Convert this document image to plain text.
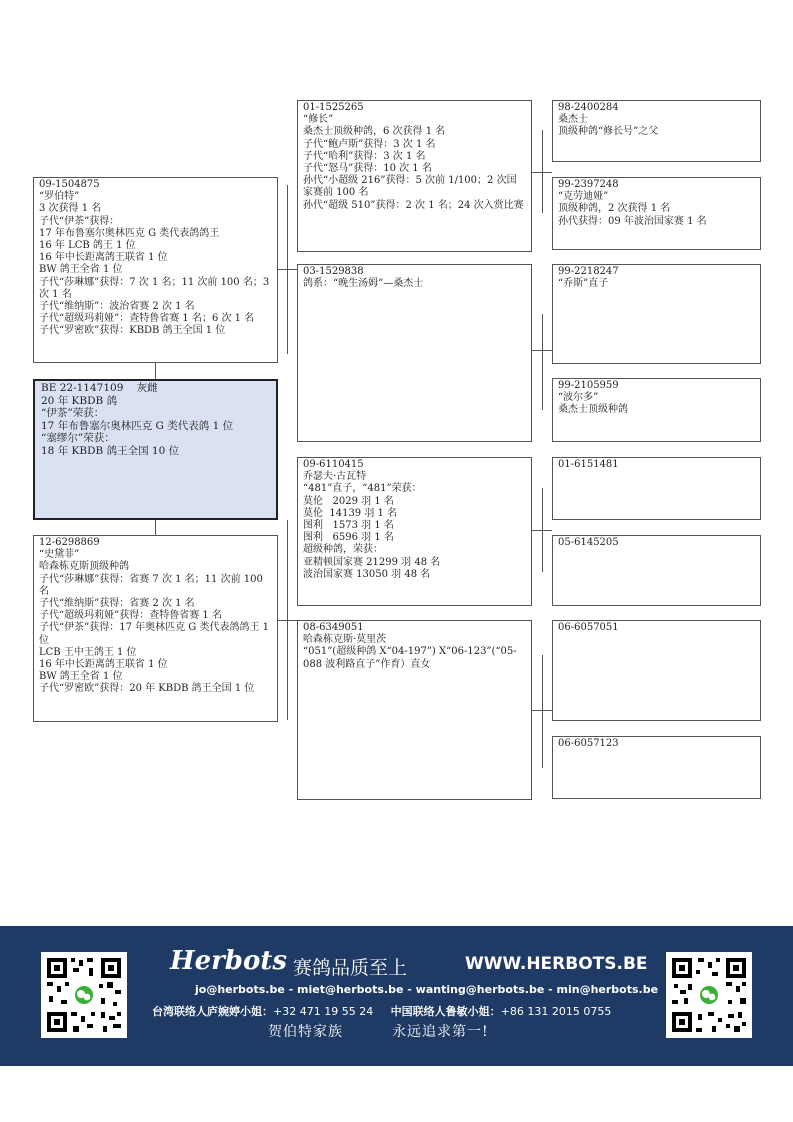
09-1504875
“罗伯特”
3 次获得 1 名
子代“伊茶”获得：
17 年布鲁塞尔奥林匹克 G 类代表鸽鸽王
16 年 LCB 鸽王 1 位
16 年中长距离鸽王联省 1 位
BW 鸽王全省 1 位
子代“莎琳娜”获得：7 次 1 名；11 次前 100 名；3 次 1 名
子代“维纳斯”：波治省赛 2 次 1 名
子代“超级玛莉娅”：查特鲁省赛 1 名；6 次 1 名
子代“罗密欧”获得：KBDB 鸽王全国 1 位
BE 22-1147109    灰雌
20 年 KBDB 鸽
“伊茶”荣获：
17 年布鲁塞尔奥林匹克 G 类代表鸽 1 位
“塞缪尔”荣获：
18 年 KBDB 鸽王全国 10 位
12-6298869
“史黛菲”
哈森栋克斯顶级种鸽
子代“莎琳娜”获得：省赛 7 次 1 名；11 次前 100 名
子代“维纳斯”获得：省赛 2 次 1 名
子代“超级玛莉娅”获得：查特鲁省赛 1 名
子代“伊茶”获得：17 年奥林匹克 G 类代表鸽鸽王 1 位
LCB 王中王鸽王 1 位
16 年中长距离鸽王联省 1 位
BW 鸽王全省 1 位
子代“罗密欧”获得：20 年 KBDB 鸽王全国 1 位
01-1525265
“修长”
桑杰士顶级种鸽，6 次获得 1 名
子代“鲍卢斯”获得：3 次 1 名
子代“哈利”获得：3 次 1 名
子代“怒马”获得：10 次 1 名
孙代“小超级 216”获得：5 次前 1/100；2 次国家赛前 100 名
孙代“超级 510”获得：2 次 1 名；24 次入赏比赛
03-1529838
鸽系：“晚生汤姆”—桑杰士
09-6110415
乔瑟夫·古瓦特
“481”直子，“481”荣获：
莫伦   2029 羽 1 名
莫伦  14139 羽 1 名
图利   1573 羽 1 名
图利   6596 羽 1 名
超级种鸽，荣获：
亚精顿国家赛 21299 羽 48 名
波治国家赛 13050 羽 48 名
08-6349051
哈森栋克斯·莫里茨
“051”(超级种鸽 X“04-197”) X“06-123”(“05-088 波利路直子”作育）直女
98-2400284
桑杰士
顶级种鸽“修长号”之父
99-2397248
“克劳迪娅”
顶级种鸽，2 次获得 1 名
孙代获得：09 年波治国家赛 1 名
99-2218247
“乔斯”直子
99-2105959
“波尔多”
桑杰士顶级种鸽
01-6151481
05-6145205
06-6057051
06-6057123
Herbots 赛鸽品质至上	WWW.HERBOTS.BE
jo@herbots.be - miet@herbots.be - wanting@herbots.be - min@herbots.be
台湾联络人庐婉婷小姐：+32 471 19 55 24 中国联络人鲁敏小姐：+86 131 2015 0755
贺伯特家族	永远追求第一!
